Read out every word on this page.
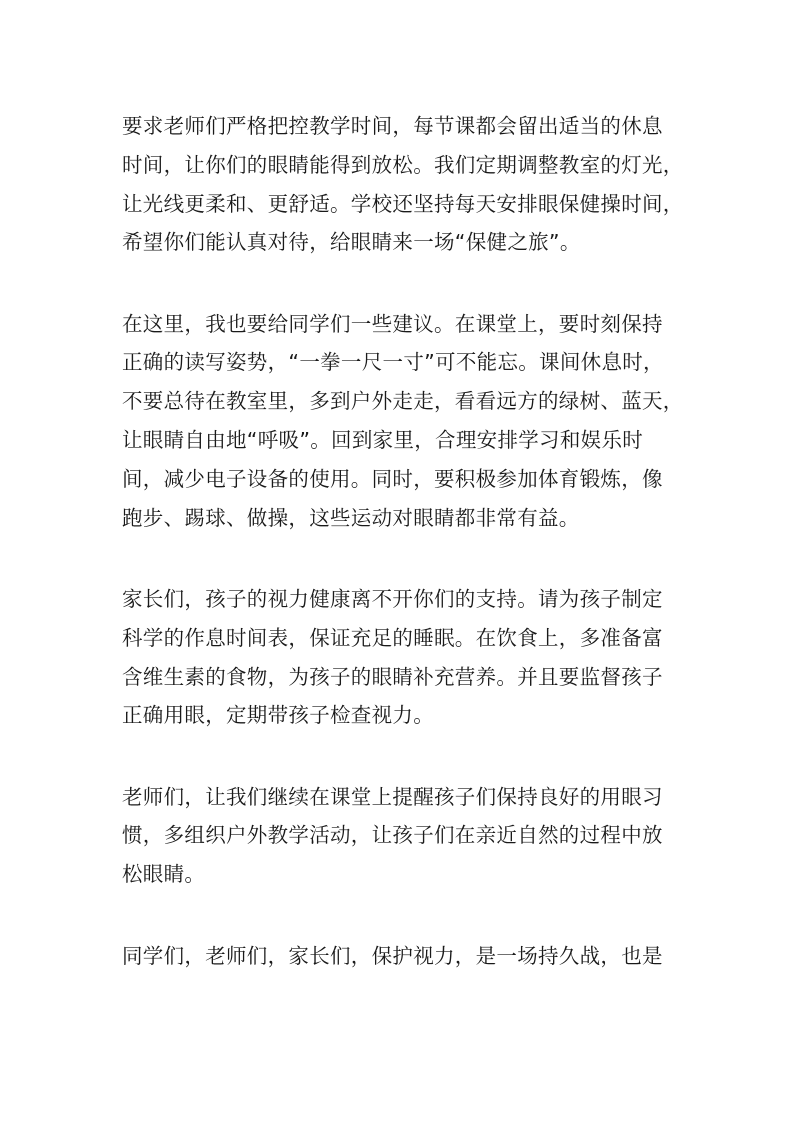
要求老师们严格把控教学时间，每节课都会留出适当的休息
时间，让你们的眼睛能得到放松。我们定期调整教室的灯光，
让光线更柔和、更舒适。学校还坚持每天安排眼保健操时间，
希望你们能认真对待，给眼睛来一场“保健之旅”。
在这里，我也要给同学们一些建议。在课堂上，要时刻保持
正确的读写姿势，“一拳一尺一寸”可不能忘。课间休息时，
不要总待在教室里，多到户外走走，看看远方的绿树、蓝天，
让眼睛自由地“呼吸”。回到家里，合理安排学习和娱乐时
间，减少电子设备的使用。同时，要积极参加体育锻炼，像
跑步、踢球、做操，这些运动对眼睛都非常有益。
家长们，孩子的视力健康离不开你们的支持。请为孩子制定
科学的作息时间表，保证充足的睡眠。在饮食上，多准备富
含维生素的食物，为孩子的眼睛补充营养。并且要监督孩子
正确用眼，定期带孩子检查视力。
老师们，让我们继续在课堂上提醒孩子们保持良好的用眼习
惯，多组织户外教学活动，让孩子们在亲近自然的过程中放
松眼睛。
同学们，老师们，家长们，保护视力，是一场持久战，也是
